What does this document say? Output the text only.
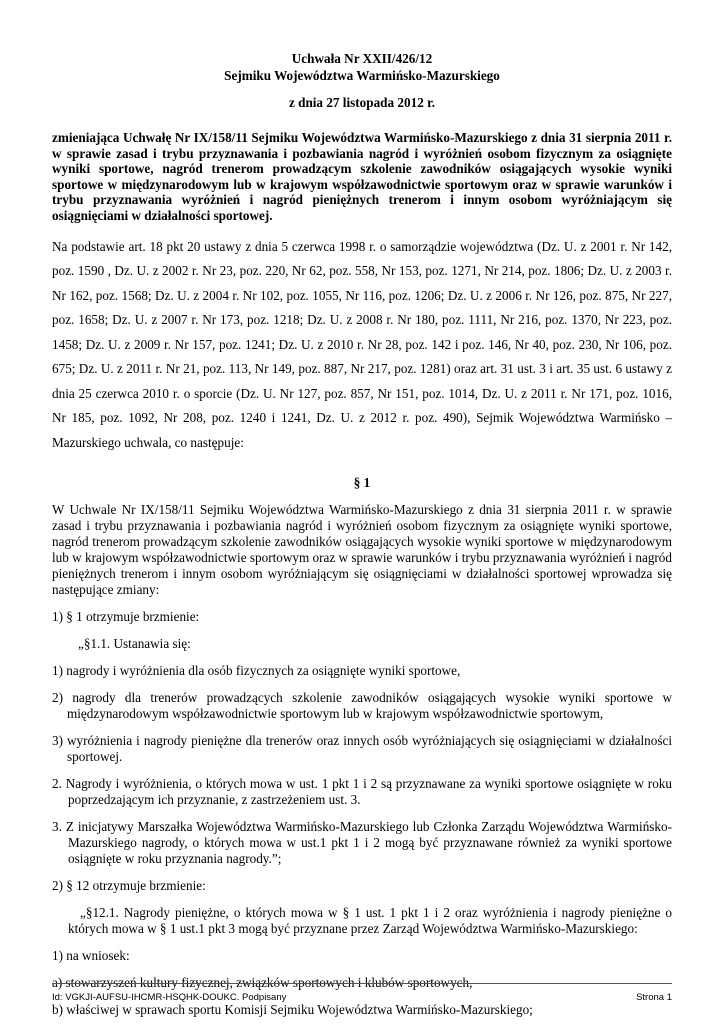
Uchwała Nr XXII/426/12
Sejmiku Województwa Warmińsko-Mazurskiego
z dnia 27 listopada 2012 r.
zmieniająca Uchwałę Nr IX/158/11 Sejmiku Województwa Warmińsko-Mazurskiego z dnia 31 sierpnia 2011 r. w sprawie zasad i trybu przyznawania i pozbawiania nagród i wyróżnień osobom fizycznym za osiągnięte wyniki sportowe, nagród trenerom prowadzącym szkolenie zawodników osiągających wysokie wyniki sportowe w międzynarodowym lub w krajowym współzawodnictwie sportowym oraz w sprawie warunków i trybu przyznawania wyróżnień i nagród pieniężnych trenerom i innym osobom wyróżniającym się osiągnięciami w działalności sportowej.
Na podstawie art. 18 pkt 20 ustawy z dnia 5 czerwca 1998 r. o samorządzie województwa (Dz. U. z 2001 r. Nr 142, poz. 1590 , Dz. U. z 2002 r. Nr 23, poz. 220, Nr 62, poz. 558, Nr 153, poz. 1271, Nr 214, poz. 1806; Dz. U. z 2003 r. Nr 162, poz. 1568; Dz. U. z 2004 r. Nr 102, poz. 1055, Nr 116, poz. 1206; Dz. U. z 2006 r. Nr 126, poz. 875, Nr 227, poz. 1658; Dz. U. z 2007 r. Nr 173, poz. 1218; Dz. U. z 2008 r. Nr 180, poz. 1111, Nr 216, poz. 1370, Nr 223, poz. 1458; Dz. U. z 2009 r. Nr 157, poz. 1241; Dz. U. z 2010 r. Nr 28, poz. 142 i poz. 146, Nr 40, poz. 230, Nr 106, poz. 675; Dz. U. z 2011 r. Nr 21, poz. 113, Nr 149, poz. 887, Nr 217, poz. 1281) oraz art. 31 ust. 3 i art. 35 ust. 6 ustawy z dnia 25 czerwca 2010 r. o sporcie (Dz. U. Nr 127, poz. 857, Nr 151, poz. 1014, Dz. U. z 2011 r. Nr 171, poz. 1016, Nr 185, poz. 1092, Nr 208, poz. 1240 i 1241, Dz. U. z 2012 r. poz. 490), Sejmik Województwa Warmińsko – Mazurskiego uchwala, co następuje:
§ 1
W Uchwale Nr IX/158/11 Sejmiku Województwa Warmińsko-Mazurskiego z dnia 31 sierpnia 2011 r. w sprawie zasad i trybu przyznawania i pozbawiania nagród i wyróżnień osobom fizycznym za osiągnięte wyniki sportowe, nagród trenerom prowadzącym szkolenie zawodników osiągających wysokie wyniki sportowe w międzynarodowym lub w krajowym współzawodnictwie sportowym oraz w sprawie warunków i trybu przyznawania wyróżnień i nagród pieniężnych trenerom i innym osobom wyróżniającym się osiągnięciami w działalności sportowej wprowadza się następujące zmiany:

1) § 1 otrzymuje brzmienie:

„§1.1. Ustanawia się:

1) nagrody i wyróżnienia dla osób fizycznych za osiągnięte wyniki sportowe,

2) nagrody dla trenerów prowadzących szkolenie zawodników osiągających wysokie wyniki sportowe w międzynarodowym współzawodnictwie sportowym lub w krajowym współzawodnictwie sportowym,

3) wyróżnienia i nagrody pieniężne dla trenerów oraz innych osób wyróżniających się osiągnięciami w działalności sportowej.

2. Nagrody i wyróżnienia, o których mowa w ust. 1 pkt 1 i 2 są przyznawane za wyniki sportowe osiągnięte w roku poprzedzającym ich przyznanie, z zastrzeżeniem ust. 3.

3. Z inicjatywy Marszałka Województwa Warmińsko-Mazurskiego lub Członka Zarządu Województwa Warmińsko-Mazurskiego nagrody, o których mowa w ust.1 pkt 1 i 2 mogą być przyznawane również za wyniki sportowe osiągnięte w roku przyznania nagrody.”;

2) § 12 otrzymuje brzmienie:

„§12.1. Nagrody pieniężne, o których mowa w § 1 ust. 1 pkt 1 i 2 oraz wyróżnienia i nagrody pieniężne o których mowa w § 1 ust.1 pkt 3 mogą być przyznane przez Zarząd Województwa Warmińsko-Mazurskiego:

1) na wniosek:

a) stowarzyszeń kultury fizycznej, związków sportowych i klubów sportowych,

b) właściwej w sprawach sportu Komisji Sejmiku Województwa Warmińsko-Mazurskiego;

Id: VGKJI-AUFSU-IHCMR-HSQHK-DOUKC. Podpisany	Strona 1
